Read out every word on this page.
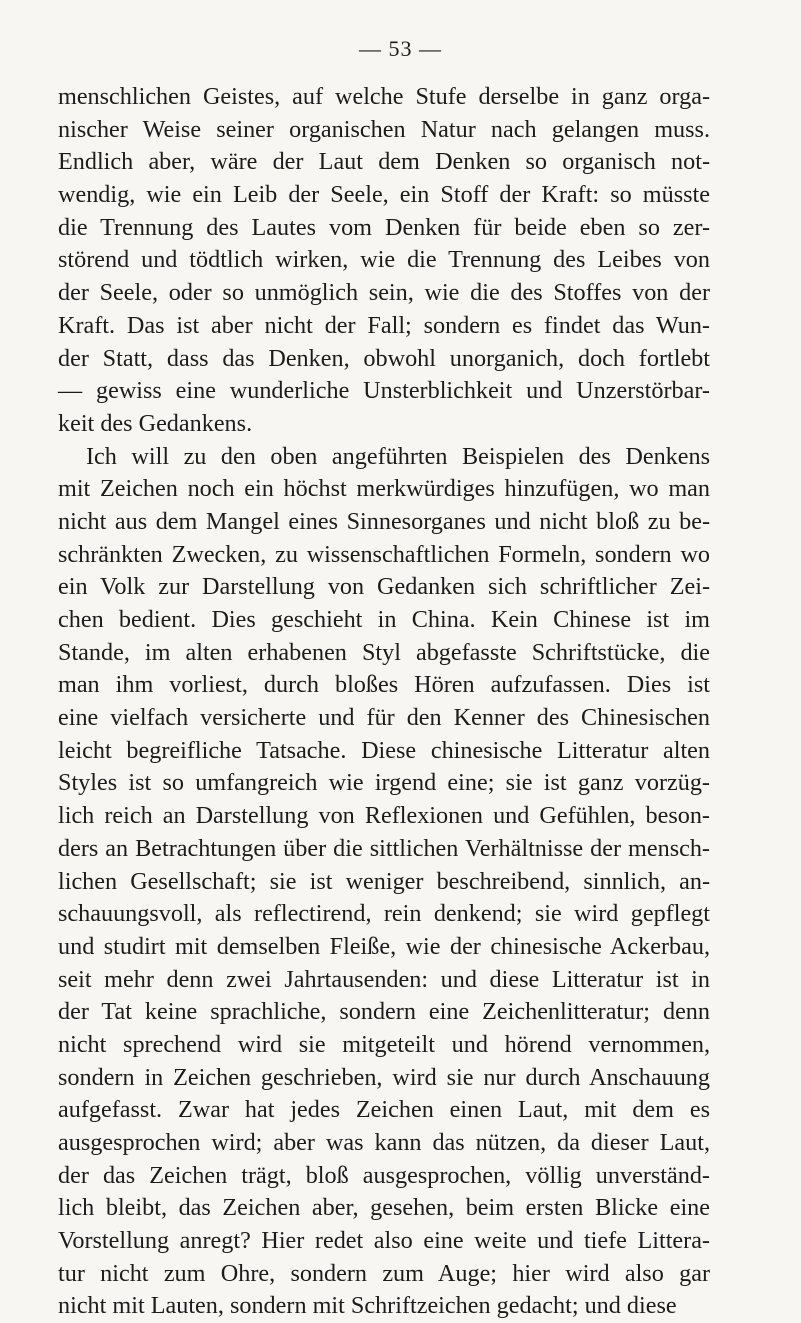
— 53 —
menschlichen Geistes, auf welche Stufe derselbe in ganz orga-
nischer Weise seiner organischen Natur nach gelangen muss.
Endlich aber, wäre der Laut dem Denken so organisch not-
wendig, wie ein Leib der Seele, ein Stoff der Kraft: so müsste
die Trennung des Lautes vom Denken für beide eben so zer-
störend und tödtlich wirken, wie die Trennung des Leibes von
der Seele, oder so unmöglich sein, wie die des Stoffes von der
Kraft. Das ist aber nicht der Fall; sondern es findet das Wun-
der Statt, dass das Denken, obwohl unorganich, doch fortlebt
— gewiss eine wunderliche Unsterblichkeit und Unzerstörbar-
keit des Gedankens.
Ich will zu den oben angeführten Beispielen des Denkens
mit Zeichen noch ein höchst merkwürdiges hinzufügen, wo man
nicht aus dem Mangel eines Sinnesorganes und nicht bloß zu be-
schränkten Zwecken, zu wissenschaftlichen Formeln, sondern wo
ein Volk zur Darstellung von Gedanken sich schriftlicher Zei-
chen bedient. Dies geschieht in China. Kein Chinese ist im
Stande, im alten erhabenen Styl abgefasste Schriftstücke, die
man ihm vorliest, durch bloßes Hören aufzufassen. Dies ist
eine vielfach versicherte und für den Kenner des Chinesischen
leicht begreifliche Tatsache. Diese chinesische Litteratur alten
Styles ist so umfangreich wie irgend eine; sie ist ganz vorzüg-
lich reich an Darstellung von Reflexionen und Gefühlen, beson-
ders an Betrachtungen über die sittlichen Verhältnisse der mensch-
lichen Gesellschaft; sie ist weniger beschreibend, sinnlich, an-
schauungsvoll, als reflectirend, rein denkend; sie wird gepflegt
und studirt mit demselben Fleiße, wie der chinesische Ackerbau,
seit mehr denn zwei Jahrtausenden: und diese Litteratur ist in
der Tat keine sprachliche, sondern eine Zeichenlitteratur; denn
nicht sprechend wird sie mitgeteilt und hörend vernommen,
sondern in Zeichen geschrieben, wird sie nur durch Anschauung
aufgefasst. Zwar hat jedes Zeichen einen Laut, mit dem es
ausgesprochen wird; aber was kann das nützen, da dieser Laut,
der das Zeichen trägt, bloß ausgesprochen, völlig unverständ-
lich bleibt, das Zeichen aber, gesehen, beim ersten Blicke eine
Vorstellung anregt? Hier redet also eine weite und tiefe Littera-
tur nicht zum Ohre, sondern zum Auge; hier wird also gar
nicht mit Lauten, sondern mit Schriftzeichen gedacht; und diese
